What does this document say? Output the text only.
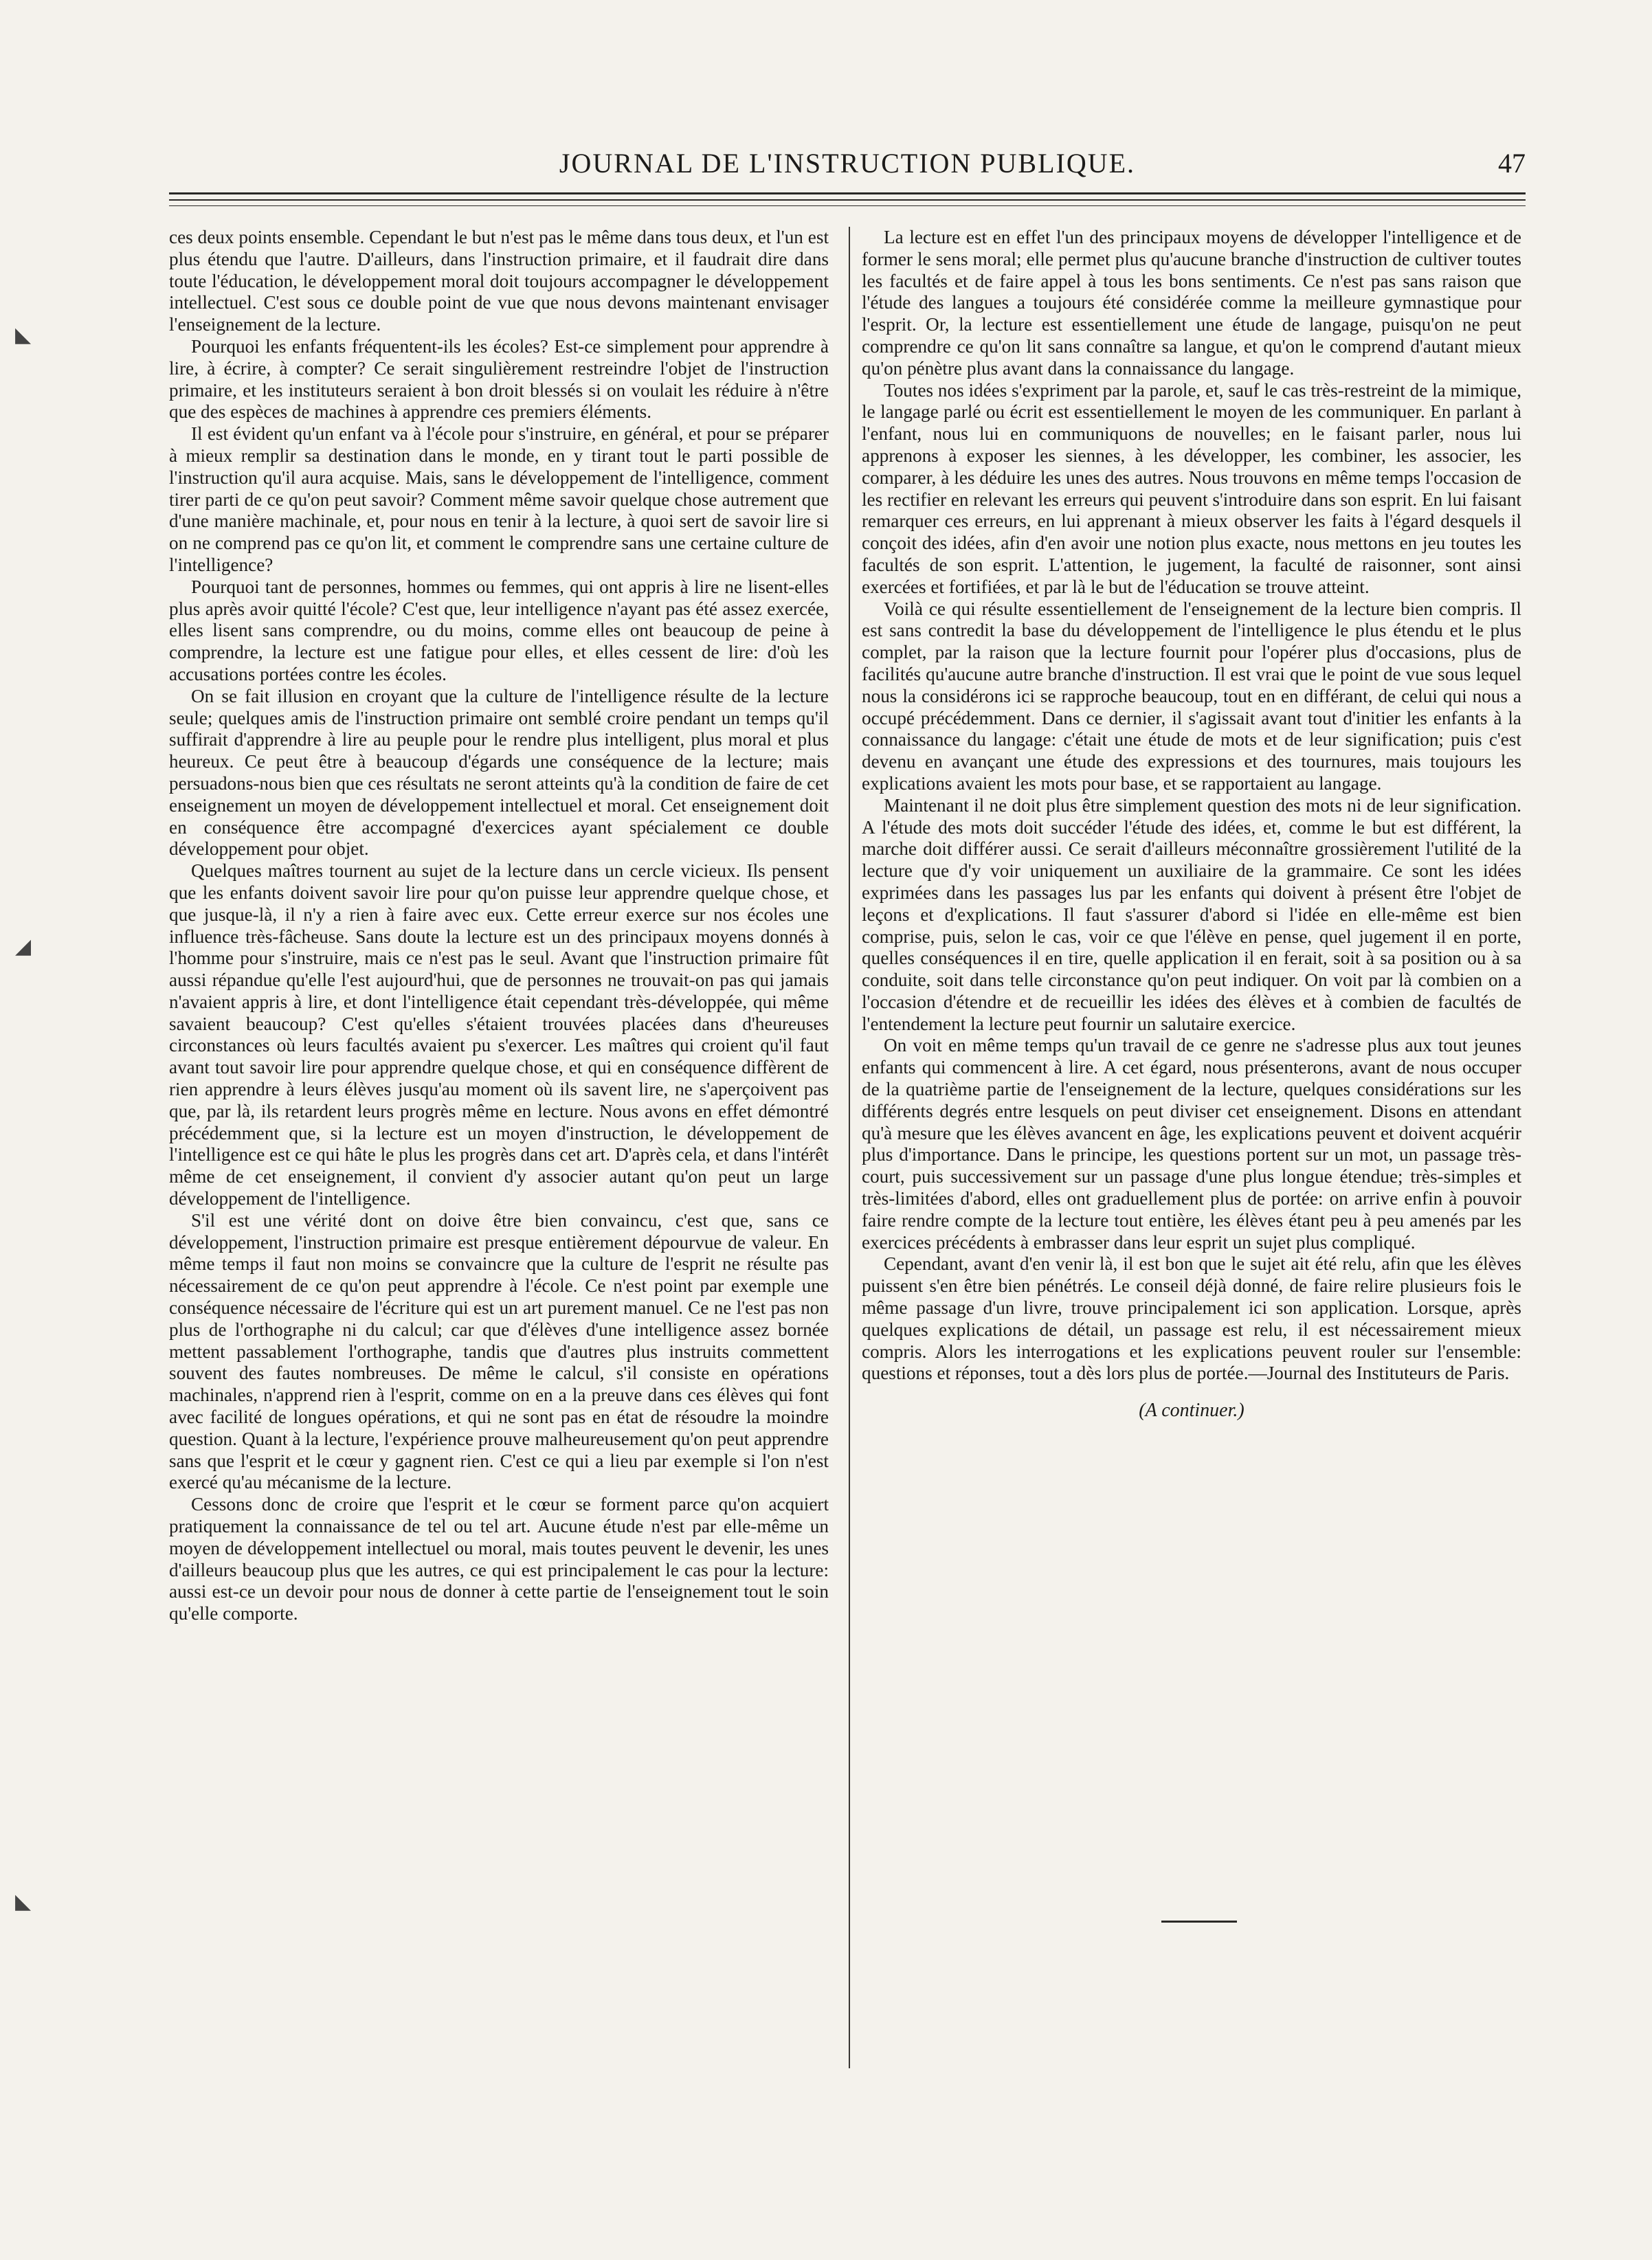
JOURNAL DE L'INSTRUCTION PUBLIQUE.	47
◣
◢
◣

ces deux points ensemble. Cependant le but n'est pas le même dans tous deux, et l'un est plus étendu que l'autre. D'ailleurs, dans l'instruction primaire, et il faudrait dire dans toute l'éducation, le développement moral doit toujours accompagner le développement intellectuel. C'est sous ce double point de vue que nous devons maintenant envisager l'enseignement de la lecture.

Pourquoi les enfants fréquentent-ils les écoles? Est-ce simplement pour apprendre à lire, à écrire, à compter? Ce serait singulièrement restreindre l'objet de l'instruction primaire, et les instituteurs seraient à bon droit blessés si on voulait les réduire à n'être que des espèces de machines à apprendre ces premiers éléments.

Il est évident qu'un enfant va à l'école pour s'instruire, en général, et pour se préparer à mieux remplir sa destination dans le monde, en y tirant tout le parti possible de l'instruction qu'il aura acquise. Mais, sans le développement de l'intelligence, comment tirer parti de ce qu'on peut savoir? Comment même savoir quelque chose autrement que d'une manière machinale, et, pour nous en tenir à la lecture, à quoi sert de savoir lire si on ne comprend pas ce qu'on lit, et comment le comprendre sans une certaine culture de l'intelligence?

Pourquoi tant de personnes, hommes ou femmes, qui ont appris à lire ne lisent-elles plus après avoir quitté l'école? C'est que, leur intelligence n'ayant pas été assez exercée, elles lisent sans comprendre, ou du moins, comme elles ont beaucoup de peine à comprendre, la lecture est une fatigue pour elles, et elles cessent de lire: d'où les accusations portées contre les écoles.

On se fait illusion en croyant que la culture de l'intelligence résulte de la lecture seule; quelques amis de l'instruction primaire ont semblé croire pendant un temps qu'il suffirait d'apprendre à lire au peuple pour le rendre plus intelligent, plus moral et plus heureux. Ce peut être à beaucoup d'égards une conséquence de la lecture; mais persuadons-nous bien que ces résultats ne seront atteints qu'à la condition de faire de cet enseignement un moyen de développement intellectuel et moral. Cet enseignement doit en conséquence être accompagné d'exercices ayant spécialement ce double développement pour objet.

Quelques maîtres tournent au sujet de la lecture dans un cercle vicieux. Ils pensent que les enfants doivent savoir lire pour qu'on puisse leur apprendre quelque chose, et que jusque-là, il n'y a rien à faire avec eux. Cette erreur exerce sur nos écoles une influence très-fâcheuse. Sans doute la lecture est un des principaux moyens donnés à l'homme pour s'instruire, mais ce n'est pas le seul. Avant que l'instruction primaire fût aussi répandue qu'elle l'est aujourd'hui, que de personnes ne trouvait-on pas qui jamais n'avaient appris à lire, et dont l'intelligence était cependant très-développée, qui même savaient beaucoup? C'est qu'elles s'étaient trouvées placées dans d'heureuses circonstances où leurs facultés avaient pu s'exercer. Les maîtres qui croient qu'il faut avant tout savoir lire pour apprendre quelque chose, et qui en conséquence diffèrent de rien apprendre à leurs élèves jusqu'au moment où ils savent lire, ne s'aperçoivent pas que, par là, ils retardent leurs progrès même en lecture. Nous avons en effet démontré précédemment que, si la lecture est un moyen d'instruction, le développement de l'intelligence est ce qui hâte le plus les progrès dans cet art. D'après cela, et dans l'intérêt même de cet enseignement, il convient d'y associer autant qu'on peut un large développement de l'intelligence.

S'il est une vérité dont on doive être bien convaincu, c'est que, sans ce développement, l'instruction primaire est presque entièrement dépourvue de valeur. En même temps il faut non moins se convaincre que la culture de l'esprit ne résulte pas nécessairement de ce qu'on peut apprendre à l'école. Ce n'est point par exemple une conséquence nécessaire de l'écriture qui est un art purement manuel. Ce ne l'est pas non plus de l'orthographe ni du calcul; car que d'élèves d'une intelligence assez bornée mettent passablement l'orthographe, tandis que d'autres plus instruits commettent souvent des fautes nombreuses. De même le calcul, s'il consiste en opérations machinales, n'apprend rien à l'esprit, comme on en a la preuve dans ces élèves qui font avec facilité de longues opérations, et qui ne sont pas en état de résoudre la moindre question. Quant à la lecture, l'expérience prouve malheureusement qu'on peut apprendre sans que l'esprit et le cœur y gagnent rien. C'est ce qui a lieu par exemple si l'on n'est exercé qu'au mécanisme de la lecture.

Cessons donc de croire que l'esprit et le cœur se forment parce qu'on acquiert pratiquement la connaissance de tel ou tel art. Aucune étude n'est par elle-même un moyen de développement intellectuel ou moral, mais toutes peuvent le devenir, les unes d'ailleurs beaucoup plus que les autres, ce qui est principalement le cas pour la lecture: aussi est-ce un devoir pour nous de donner à cette partie de l'enseignement tout le soin qu'elle comporte.

La lecture est en effet l'un des principaux moyens de développer l'intelligence et de former le sens moral; elle permet plus qu'aucune branche d'instruction de cultiver toutes les facultés et de faire appel à tous les bons sentiments. Ce n'est pas sans raison que l'étude des langues a toujours été considérée comme la meilleure gymnastique pour l'esprit. Or, la lecture est essentiellement une étude de langage, puisqu'on ne peut comprendre ce qu'on lit sans connaître sa langue, et qu'on le comprend d'autant mieux qu'on pénètre plus avant dans la connaissance du langage.

Toutes nos idées s'expriment par la parole, et, sauf le cas très-restreint de la mimique, le langage parlé ou écrit est essentiellement le moyen de les communiquer. En parlant à l'enfant, nous lui en communiquons de nouvelles; en le faisant parler, nous lui apprenons à exposer les siennes, à les développer, les combiner, les associer, les comparer, à les déduire les unes des autres. Nous trouvons en même temps l'occasion de les rectifier en relevant les erreurs qui peuvent s'introduire dans son esprit. En lui faisant remarquer ces erreurs, en lui apprenant à mieux observer les faits à l'égard desquels il conçoit des idées, afin d'en avoir une notion plus exacte, nous mettons en jeu toutes les facultés de son esprit. L'attention, le jugement, la faculté de raisonner, sont ainsi exercées et fortifiées, et par là le but de l'éducation se trouve atteint.

Voilà ce qui résulte essentiellement de l'enseignement de la lecture bien compris. Il est sans contredit la base du développement de l'intelligence le plus étendu et le plus complet, par la raison que la lecture fournit pour l'opérer plus d'occasions, plus de facilités qu'aucune autre branche d'instruction. Il est vrai que le point de vue sous lequel nous la considérons ici se rapproche beaucoup, tout en en différant, de celui qui nous a occupé précédemment. Dans ce dernier, il s'agissait avant tout d'initier les enfants à la connaissance du langage: c'était une étude de mots et de leur signification; puis c'est devenu en avançant une étude des expressions et des tournures, mais toujours les explications avaient les mots pour base, et se rapportaient au langage.

Maintenant il ne doit plus être simplement question des mots ni de leur signification. A l'étude des mots doit succéder l'étude des idées, et, comme le but est différent, la marche doit différer aussi. Ce serait d'ailleurs méconnaître grossièrement l'utilité de la lecture que d'y voir uniquement un auxiliaire de la grammaire. Ce sont les idées exprimées dans les passages lus par les enfants qui doivent à présent être l'objet de leçons et d'explications. Il faut s'assurer d'abord si l'idée en elle-même est bien comprise, puis, selon le cas, voir ce que l'élève en pense, quel jugement il en porte, quelles conséquences il en tire, quelle application il en ferait, soit à sa position ou à sa conduite, soit dans telle circonstance qu'on peut indiquer. On voit par là combien on a l'occasion d'étendre et de recueillir les idées des élèves et à combien de facultés de l'entendement la lecture peut fournir un salutaire exercice.

On voit en même temps qu'un travail de ce genre ne s'adresse plus aux tout jeunes enfants qui commencent à lire. A cet égard, nous présenterons, avant de nous occuper de la quatrième partie de l'enseignement de la lecture, quelques considérations sur les différents degrés entre lesquels on peut diviser cet enseignement. Disons en attendant qu'à mesure que les élèves avancent en âge, les explications peuvent et doivent acquérir plus d'importance. Dans le principe, les questions portent sur un mot, un passage très-court, puis successivement sur un passage d'une plus longue étendue; très-simples et très-limitées d'abord, elles ont graduellement plus de portée: on arrive enfin à pouvoir faire rendre compte de la lecture tout entière, les élèves étant peu à peu amenés par les exercices précédents à embrasser dans leur esprit un sujet plus compliqué.

Cependant, avant d'en venir là, il est bon que le sujet ait été relu, afin que les élèves puissent s'en être bien pénétrés. Le conseil déjà donné, de faire relire plusieurs fois le même passage d'un livre, trouve principalement ici son application. Lorsque, après quelques explications de détail, un passage est relu, il est nécessairement mieux compris. Alors les interrogations et les explications peuvent rouler sur l'ensemble: questions et réponses, tout a dès lors plus de portée.—Journal des Instituteurs de Paris.

(A continuer.)
